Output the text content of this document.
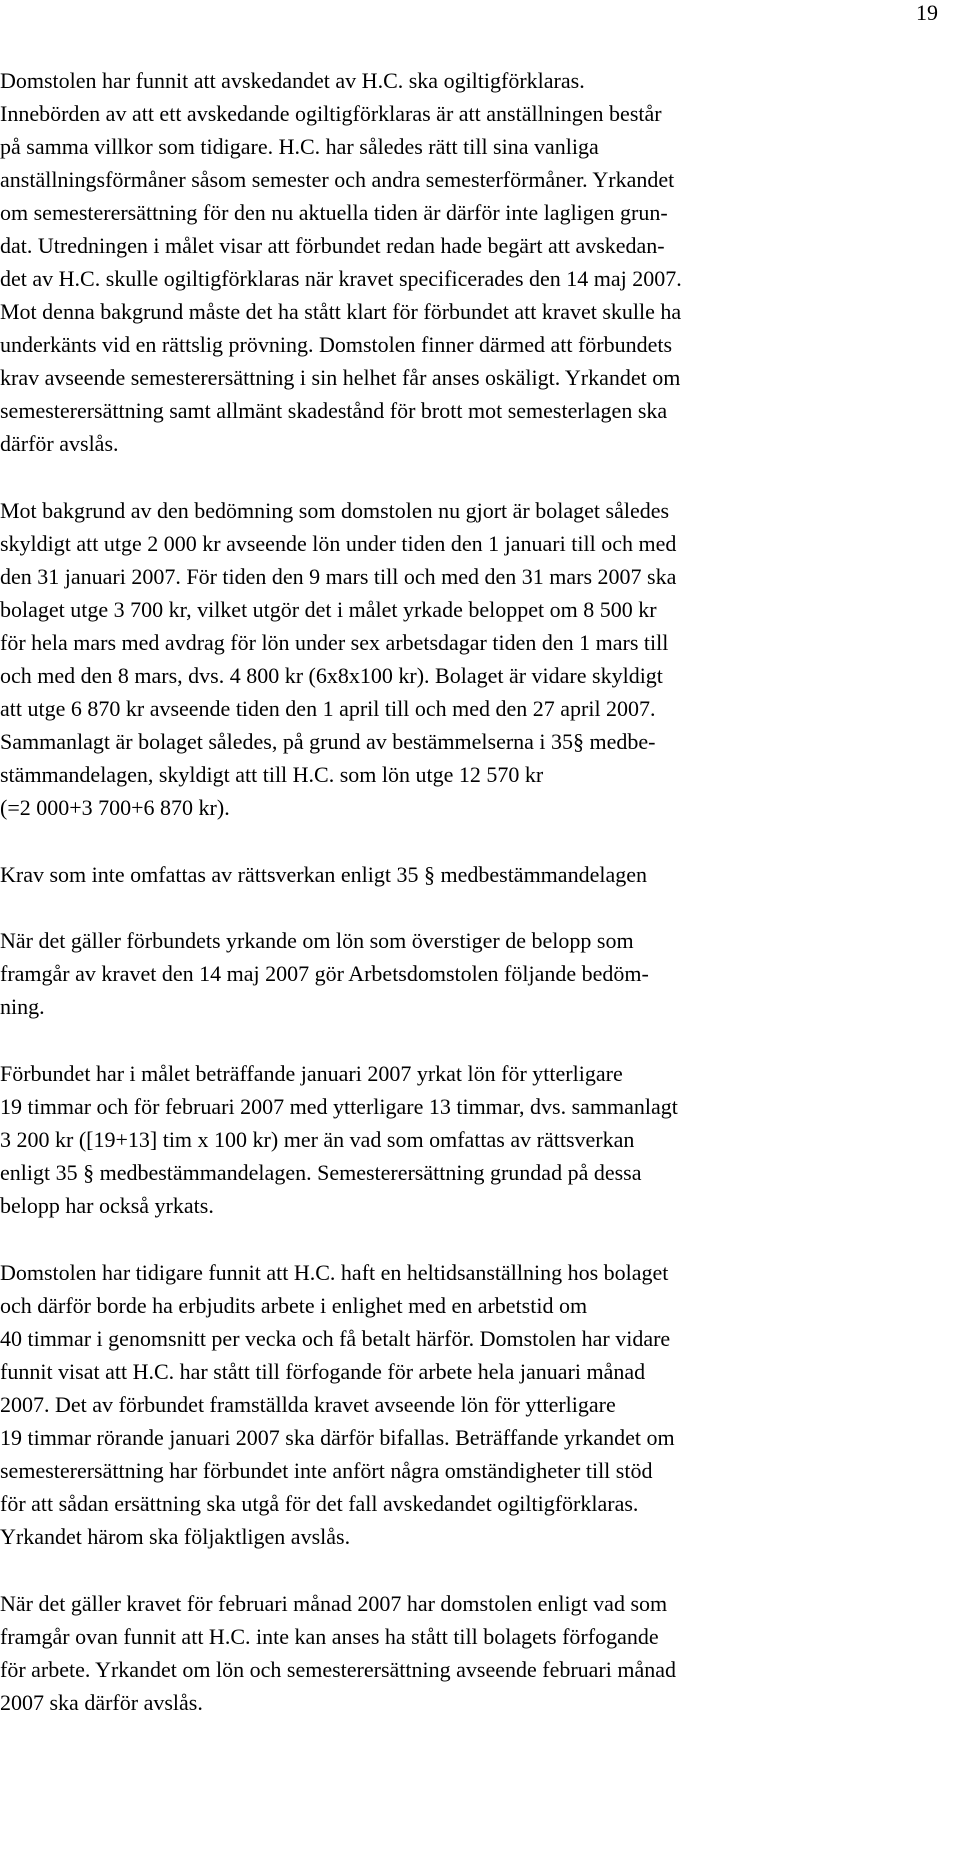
19
Domstolen har funnit att avskedandet av H.C. ska ogiltigförklaras.
Innebörden av att ett avskedande ogiltigförklaras är att anställningen består
på samma villkor som tidigare. H.C. har således rätt till sina vanliga
anställningsförmåner såsom semester och andra semesterförmåner. Yrkandet
om semesterersättning för den nu aktuella tiden är därför inte lagligen grun-
dat. Utredningen i målet visar att förbundet redan hade begärt att avskedan-
det av H.C. skulle ogiltigförklaras när kravet specificerades den 14 maj 2007.
Mot denna bakgrund måste det ha stått klart för förbundet att kravet skulle ha
underkänts vid en rättslig prövning. Domstolen finner därmed att förbundets
krav avseende semesterersättning i sin helhet får anses oskäligt. Yrkandet om
semesterersättning samt allmänt skadestånd för brott mot semesterlagen ska
därför avslås.
Mot bakgrund av den bedömning som domstolen nu gjort är bolaget således
skyldigt att utge 2 000 kr avseende lön under tiden den 1 januari till och med
den 31 januari 2007. För tiden den 9 mars till och med den 31 mars 2007 ska
bolaget utge 3 700 kr, vilket utgör det i målet yrkade beloppet om 8 500 kr
för hela mars med avdrag för lön under sex arbetsdagar tiden den 1 mars till
och med den 8 mars, dvs. 4 800 kr (6x8x100 kr). Bolaget är vidare skyldigt
att utge 6 870 kr avseende tiden den 1 april till och med den 27 april 2007.
Sammanlagt är bolaget således, på grund av bestämmelserna i 35§ medbe-
stämmandelagen, skyldigt att till H.C. som lön utge 12 570 kr
(=2 000+3 700+6 870 kr).
Krav som inte omfattas av rättsverkan enligt 35 § medbestämmandelagen
När det gäller förbundets yrkande om lön som överstiger de belopp som
framgår av kravet den 14 maj 2007 gör Arbetsdomstolen följande bedöm-
ning.
Förbundet har i målet beträffande januari 2007 yrkat lön för ytterligare
19 timmar och för februari 2007 med ytterligare 13 timmar, dvs. sammanlagt
3 200 kr ([19+13] tim x 100 kr) mer än vad som omfattas av rättsverkan
enligt 35 § medbestämmandelagen. Semesterersättning grundad på dessa
belopp har också yrkats.
Domstolen har tidigare funnit att H.C. haft en heltidsanställning hos bolaget
och därför borde ha erbjudits arbete i enlighet med en arbetstid om
40 timmar i genomsnitt per vecka och få betalt härför. Domstolen har vidare
funnit visat att H.C. har stått till förfogande för arbete hela januari månad
2007. Det av förbundet framställda kravet avseende lön för ytterligare
19 timmar rörande januari 2007 ska därför bifallas. Beträffande yrkandet om
semesterersättning har förbundet inte anfört några omständigheter till stöd
för att sådan ersättning ska utgå för det fall avskedandet ogiltigförklaras.
Yrkandet härom ska följaktligen avslås.
När det gäller kravet för februari månad 2007 har domstolen enligt vad som
framgår ovan funnit att H.C. inte kan anses ha stått till bolagets förfogande
för arbete. Yrkandet om lön och semesterersättning avseende februari månad
2007 ska därför avslås.
